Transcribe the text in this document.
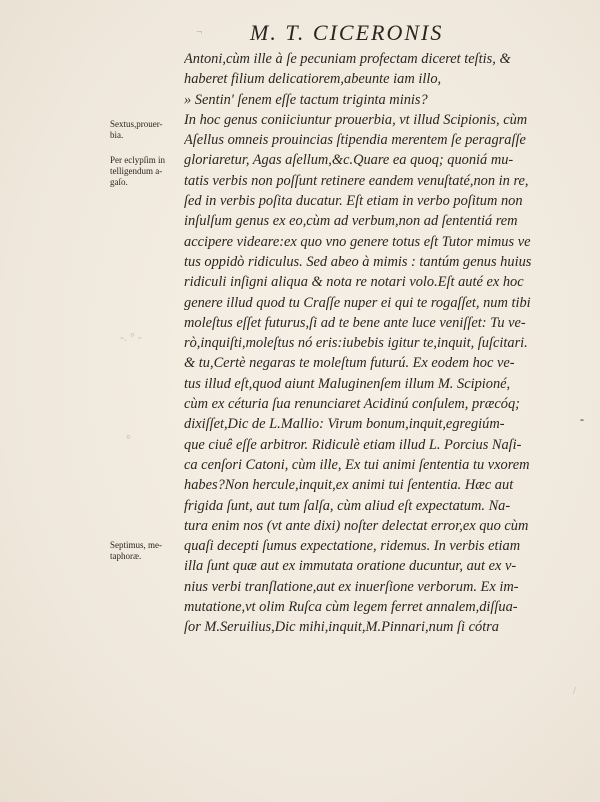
¬ M. T. CICERONIS
Antoni,cùm ille à ſe pecuniam profectam diceret teſtis, &
haberet filium delicatiorem,abeunte iam illo,
» Sentin' ſenem eſſe tactum triginta minis?
In hoc genus coniiciuntur prouerbia, vt illud Scipionis, cùm
Aſellus omneis prouincias ſtipendia merentem ſe peragraſſe
gloriaretur, Agas aſellum,&c.Quare ea quoq; quoniá mu-
tatis verbis non poſſunt retinere eandem venuſtaté,non in re,
ſed in verbis poſita ducatur. Eſt etiam in verbo poſitum non
inſulſum genus ex eo,cùm ad verbum,non ad ſententiá rem
accipere videare:ex quo vno genere totus eſt Tutor mimus ve
tus oppidò ridiculus. Sed abeo à mimis : tantúm genus huius
ridiculi inſigni aliqua & nota re notari volo.Eſt auté ex hoc
genere illud quod tu Craſſe nuper ei qui te rogaſſet, num tibi
moleſtus eſſet futurus,ſi ad te bene ante luce veniſſet: Tu ve-
rò,inquiſti,moleſtus nó eris:iubebis igitur te,inquit, ſuſcitari.
& tu,Certè negaras te moleſtum futurú. Ex eodem hoc ve-
tus illud eſt,quod aiunt Maluginenſem illum M. Scipioné,
cùm ex céturia ſua renunciaret Acidinú conſulem, præcóq;
dixiſſet,Dic de L.Mallio: Virum bonum,inquit,egregiúm-
que ciuê eſſe arbitror. Ridiculè etiam illud L. Porcius Naſi-
ca cenſori Catoni, cùm ille, Ex tui animi ſententia tu vxorem
habes?Non hercule,inquit,ex animi tui ſententia. Hæc aut
frigida ſunt, aut tum ſalſa, cùm aliud eſt expectatum. Na-
tura enim nos (vt ante dixi) noſter delectat error,ex quo cùm
quaſi decepti ſumus expectatione, ridemus. In verbis etiam
illa ſunt quæ aut ex immutata oratione ducuntur, aut ex v-
nius verbi tranſlatione,aut ex inuerſione verborum. Ex im-
mutatione,vt olim Ruſca cùm legem ferret annalem,diſſua-
ſor M.Seruilius,Dic mihi,inquit,M.Pinnari,num ſi cótra
Sextus,prouer-
bia.
Per eclypſim in
telligendum a-
gaſo.
Septimus, me-
taphoræ.
-. ° -
°
-
/
